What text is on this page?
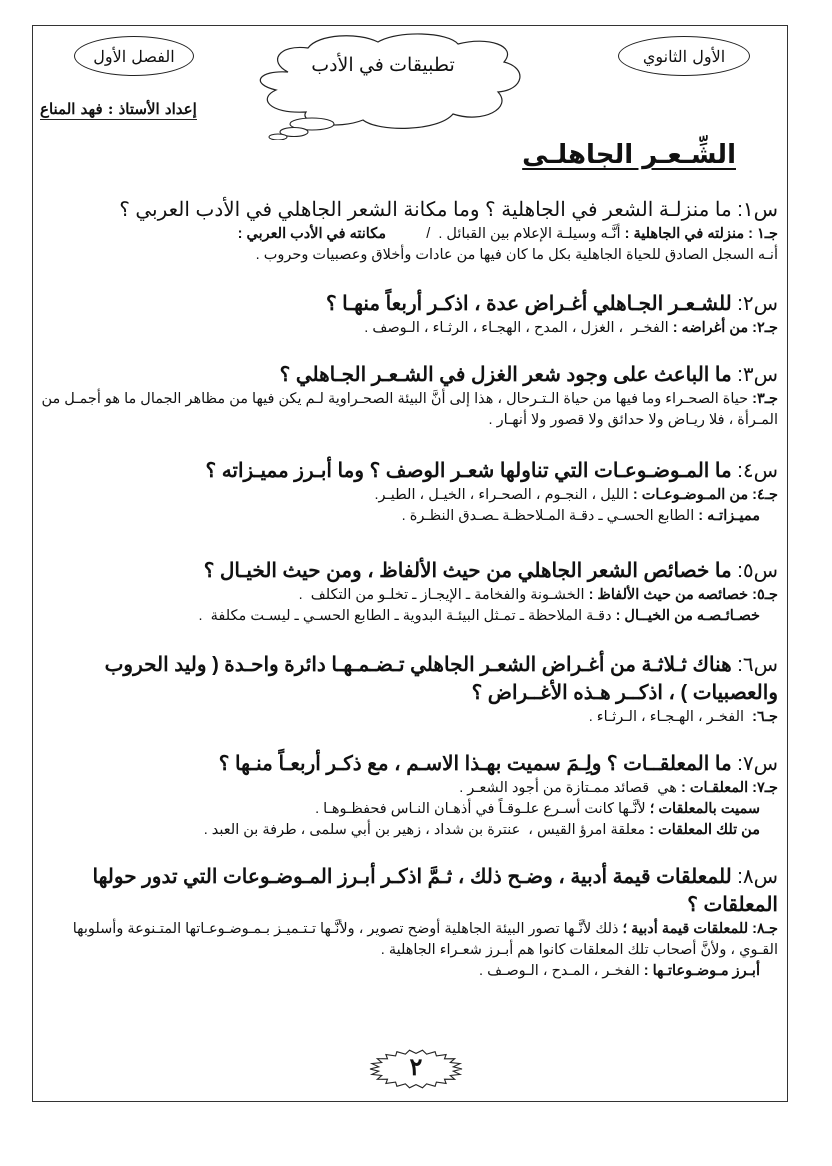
الأول الثانوي
الفصل الأول	تطبيقات في الأدب
إعداد الأستاذ : فهد المناع
الشِّـعـر الجاهلـى
س١: ما منزلـة الشعر في الجاهلية ؟ وما مكانة الشعر الجاهلي في الأدب العربي ؟
جـ١ : منزلته في الجاهلية : أنَّـه وسيلـة الإعلام بين القبائل .  /          مكانته في الأدب العربي :
أنـه السجل الصادق للحياة الجاهلية بكل ما كان فيها من عادات وأخلاق وعصبيات وحروب .
س٢: للشـعـر الجـاهلي أغـراض عدة ، اذكـر أربعاً منهـا ؟
جـ٢: من أغراضه : الفخـر  ، الغزل ، المدح ، الهجـاء ، الرثـاء ، الـوصف .
س٣: ما الباعث على وجود شعر الغزل في الشـعـر الجـاهلي ؟
جـ٣: حياة الصحـراء وما فيها من حياة الـتـرحال ، هذا إلى أنَّ البيئة الصحـراوية لـم يكن فيها من مظاهر الجمال ما هو أجمـل من المـرأة ، فلا ريـاض ولا حدائق ولا قصور ولا أنهـار .
س٤: ما المـوضـوعـات التي تناولها شعـر الوصف ؟ وما أبـرز مميـزاته ؟
جـ٤: من المـوضـوعـات : الليل ، النجـوم ، الصحـراء ، الخيـل ، الطيـر.
مميـزاتـه : الطابع الحسـي ـ دقـة المـلاحظـة ـصـدق النظـرة .
س٥: ما خصائص الشعر الجاهلي من حيث الألفاظ ، ومن حيث الخيـال ؟
جـ٥: خصائصه من حيث الألفاظ : الخشـونة والفخامة ـ الإيجـاز ـ تخلـو من التكلف  .
خصـائـصـه من الخيــال : دقـة الملاحظة ـ تمـثل البيئـة البدوية ـ الطابع الحسـي ـ ليسـت مكلفة  .
س٦: هناك ثـلاثـة من أغـراض الشعـر الجاهلي تـضـمـهـا دائرة واحـدة ( وليد الحروب والعصبيات ) ، اذكــر هـذه الأغــراض ؟
جـ٦:  الفخـر ، الهـجـاء ، الـرثـاء .
س٧: ما المعلقــات ؟ ولِـمَ سميت بهـذا الاسـم ، مع ذكـر أربعـاً منـها ؟
جـ٧: المعلقـات : هي  قصائد ممـتازة من أجود الشعـر .
سميت بالمعلقات ؛ لأنَّـها كانت أسـرع علـوقـاً في أذهـان النـاس فحفظـوهـا .
من تلك المعلقات : معلقة امرؤ القيس ،  عنترة بن شداد ، زهير بن أبي سلمى ، طرفة بن العبد .
س٨: للمعلقات قيمة أدبية ، وضـح ذلك ، ثـمَّ اذكـر أبـرز المـوضـوعات التي تدور حولها المعلقات ؟
جـ٨: للمعلقات قيمة أدبية ؛ ذلك لأنَّـها تصور البيئة الجاهلية أوضح تصوير ، ولأنَّـها تـتـميـز بـمـوضـوعـاتها المتـنوعة وأسلوبها القـوي ، ولأنَّ أصحاب تلك المعلقات كانوا هم أبـرز شعـراء الجاهلية .
أبـرز مـوضـوعاتـها : الفخـر ، المـدح ، الـوصـف .
٢
